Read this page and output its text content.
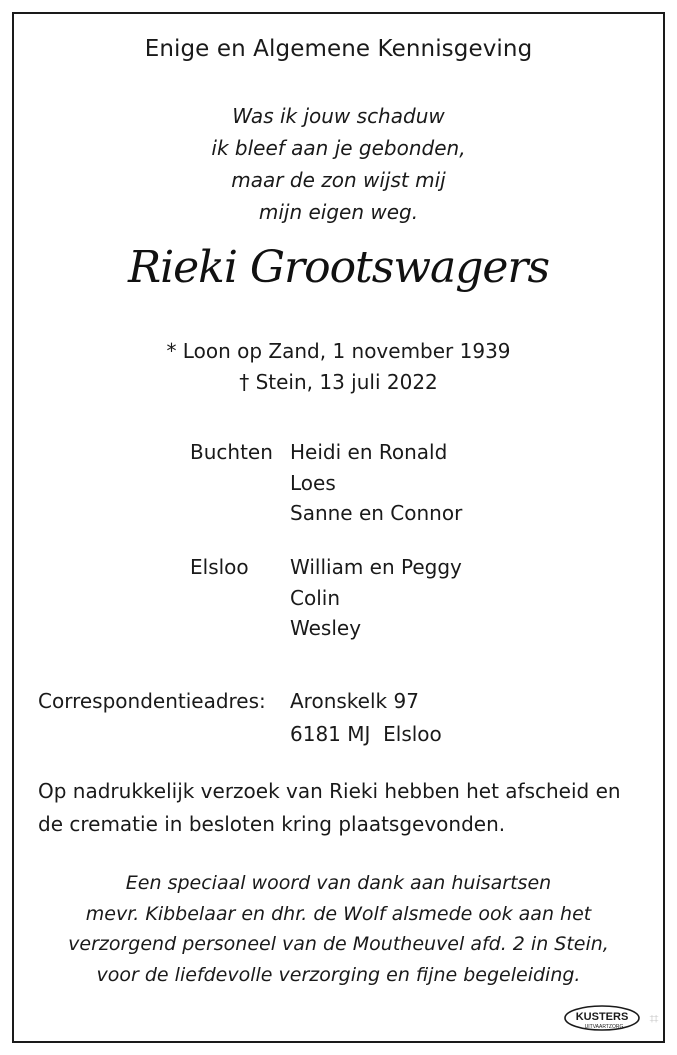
Enige en Algemene Kennisgeving
Was ik jouw schaduw
ik bleef aan je gebonden,
maar de zon wijst mij
mijn eigen weg.
Rieki Grootswagers
* Loon op Zand, 1 november 1939
† Stein, 13 juli 2022
Buchten Heidi en Ronald
Loes
Sanne en Connor
Elsloo William en Peggy
Colin
Wesley
Correspondentieadres: Aronskelk 97
6181 MJ  Elsloo
Op nadrukkelijk verzoek van Rieki hebben het afscheid en de crematie in besloten kring plaatsgevonden.
Een speciaal woord van dank aan huisartsen
mevr. Kibbelaar en dhr. de Wolf alsmede ook aan het
verzorgend personeel van de Moutheuvel afd. 2 in Stein,
voor de liefdevolle verzorging en fijne begeleiding.
KUSTERS
UITVAARTZORG ⌗
